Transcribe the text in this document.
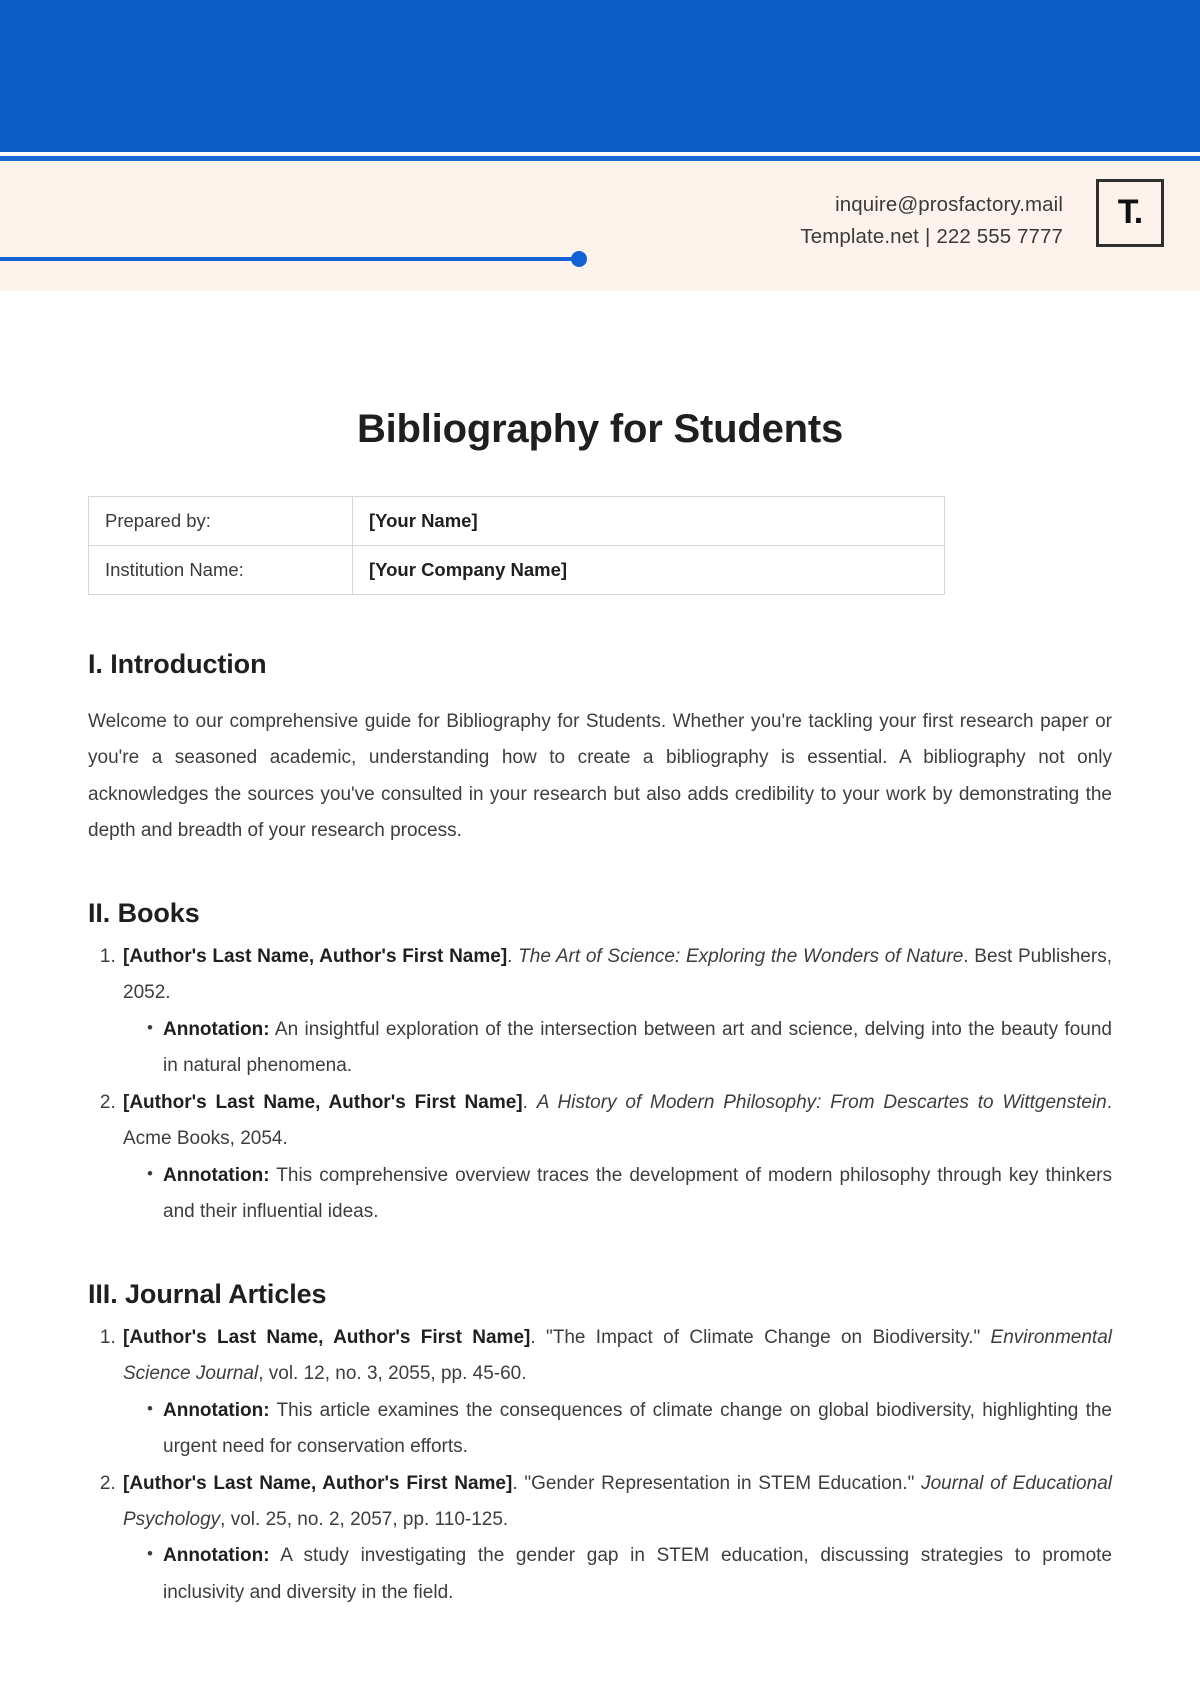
inquire@prosfactory.mail
Template.net | 222 555 7777
T.
Bibliography for Students
Prepared by:	[Your Name]
Institution Name:	[Your Company Name]
I. Introduction

Welcome to our comprehensive guide for Bibliography for Students. Whether you're tackling your first research paper or you're a seasoned academic, understanding how to create a bibliography is essential. A bibliography not only acknowledges the sources you've consulted in your research but also adds credibility to your work by demonstrating the depth and breadth of your research process.

II. Books
1. [Author's Last Name, Author's First Name]. The Art of Science: Exploring the Wonders of Nature. Best Publishers, 2052.
• Annotation: An insightful exploration of the intersection between art and science, delving into the beauty found in natural phenomena.
2. [Author's Last Name, Author's First Name]. A History of Modern Philosophy: From Descartes to Wittgenstein. Acme Books, 2054.
• Annotation: This comprehensive overview traces the development of modern philosophy through key thinkers and their influential ideas.
III. Journal Articles
1. [Author's Last Name, Author's First Name]. "The Impact of Climate Change on Biodiversity." Environmental Science Journal, vol. 12, no. 3, 2055, pp. 45-60.
• Annotation: This article examines the consequences of climate change on global biodiversity, highlighting the urgent need for conservation efforts.
2. [Author's Last Name, Author's First Name]. "Gender Representation in STEM Education." Journal of Educational Psychology, vol. 25, no. 2, 2057, pp. 110-125.
• Annotation: A study investigating the gender gap in STEM education, discussing strategies to promote inclusivity and diversity in the field.
